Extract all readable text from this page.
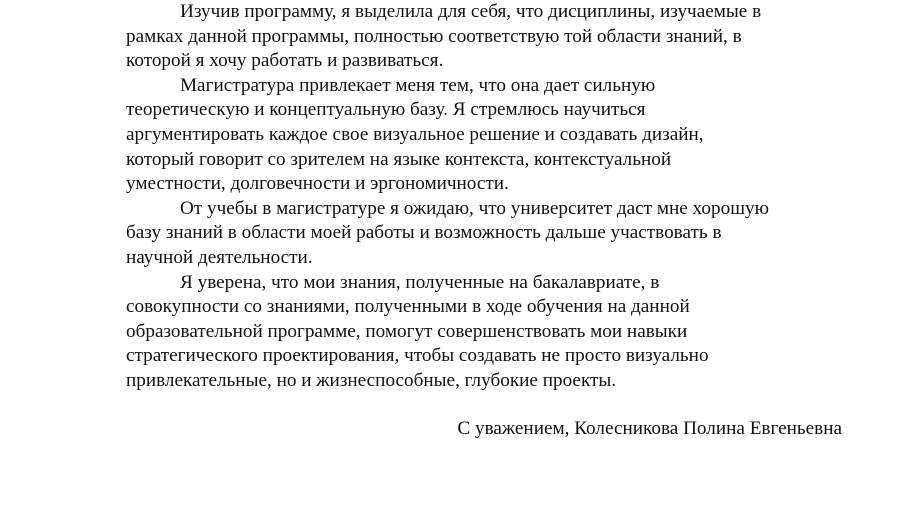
Изучив программу, я выделила для себя, что дисциплины, изучаемые в
рамках данной программы, полностью соответствую той области знаний, в
которой я хочу работать и развиваться.

Магистратура привлекает меня тем, что она дает сильную
теоретическую и концептуальную базу. Я стремлюсь научиться
аргументировать каждое свое визуальное решение и создавать дизайн,
который говорит со зрителем на языке контекста, контекстуальной
уместности, долговечности и эргономичности.

От учебы в магистратуре я ожидаю, что университет даст мне хорошую
базу знаний в области моей работы и возможность дальше участвовать в
научной деятельности.

Я уверена, что мои знания, полученные на бакалавриате, в
совокупности со знаниями, полученными в ходе обучения на данной
образовательной программе, помогут совершенствовать мои навыки
стратегического проектирования, чтобы создавать не просто визуально
привлекательные, но и жизнеспособные, глубокие проекты.

С уважением, Колесникова Полина Евгеньевна
